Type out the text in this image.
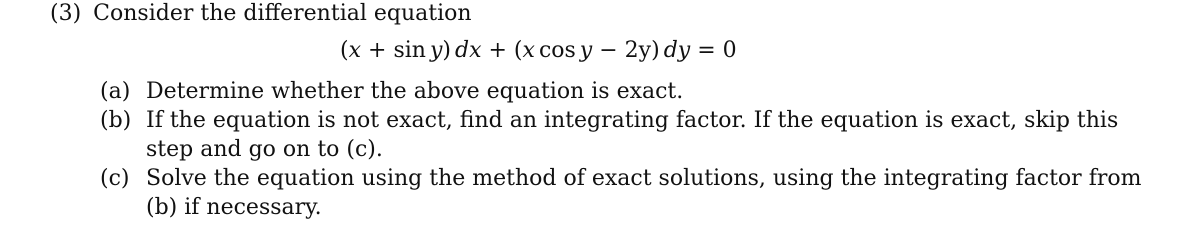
(3) Consider the differential equation
(x + sin y) dx + (x cos y − 2y) dy = 0
(a) Determine whether the above equation is exact.
(b) If the equation is not exact, find an integrating factor. If the equation is exact, skip this step and go on to (c).
(c) Solve the equation using the method of exact solutions, using the integrating factor from (b) if necessary.
